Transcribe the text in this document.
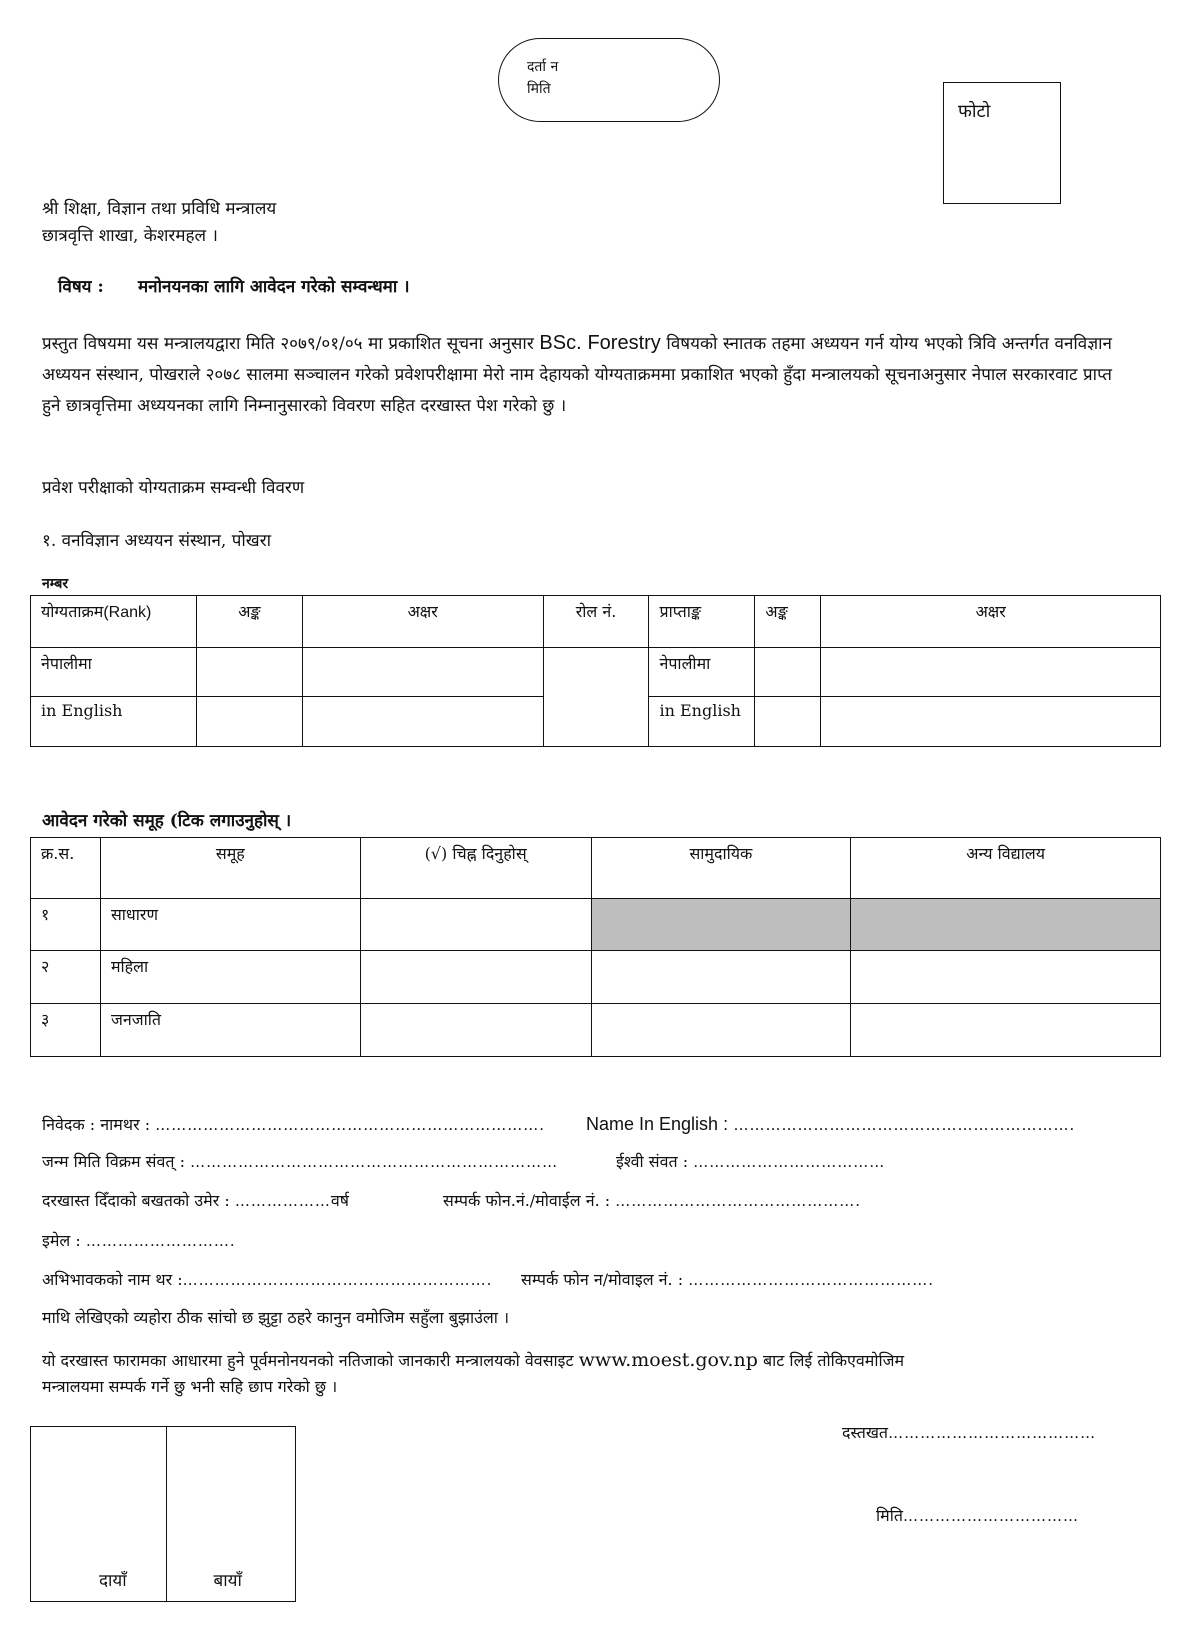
दर्ता न
मिति
फोटो
श्री शिक्षा, विज्ञान तथा प्रविधि मन्त्रालय
छात्रवृत्ति शाखा, केशरमहल ।
विषय : मनोनयनका लागि आवेदन गरेको सम्वन्धमा ।
प्रस्तुत विषयमा यस मन्त्रालयद्वारा मिति २०७९/०१/०५ मा प्रकाशित सूचना अनुसार BSc. Forestry विषयको स्नातक तहमा अध्ययन गर्न योग्य भएको त्रिवि अन्तर्गत वनविज्ञान अध्ययन संस्थान, पोखराले २०७८ सालमा सञ्चालन गरेको प्रवेशपरीक्षामा मेरो नाम देहायको योग्यताक्रममा प्रकाशित भएको हुँदा मन्त्रालयको सूचनाअनुसार नेपाल सरकारवाट प्राप्त हुने छात्रवृत्तिमा अध्ययनका लागि निम्नानुसारको विवरण सहित दरखास्त पेश गरेको छु ।
प्रवेश परीक्षाको योग्यताक्रम सम्वन्धी विवरण
१. वनविज्ञान अध्ययन संस्थान, पोखरा
नम्बर
योग्यताक्रम(Rank)	अङ्क	अक्षर	रोल नं.	प्राप्ताङ्क	अङ्क	अक्षर
नेपालीमा				नेपालीमा		
in English				in English		
आवेदन गरेको समूह (टिक लगाउनुहोस् ।
क्र.स.	समूह	(√) चिह्न दिनुहोस्	सामुदायिक	अन्य विद्यालय
१	साधारण			
२	महिला			
३	जनजाति			
निवेदक : नामथर : ………………………………………………………………. Name In English : ……………………………………………………….
जन्म मिति विक्रम संवत् : ……………………………………………………………	ईश्वी संवत : ………………………………
दरखास्त दिँदाको बखतको उमेर : ………………वर्ष	सम्पर्क फोन.नं./मोवाईल नं. : ……………………………………….
इमेल : ……………………….
अभिभावकको नाम थर :…………………………………………………. सम्पर्क फोन न/मोवाइल नं. : ……………………………………….
माथि लेखिएको व्यहोरा ठीक सांचो छ झुट्टा ठहरे कानुन वमोजिम सहुँला बुझाउंला ।
यो दरखास्त फारामका आधारमा हुने पूर्वमनोनयनको नतिजाको जानकारी मन्त्रालयको वेवसाइट www.moest.gov.np बाट लिई तोकिएवमोजिम
मन्त्रालयमा सम्पर्क गर्ने छु भनी सहि छाप गरेको छु ।
दायाँ	बायाँ
दस्तखत…………………………………
मिति……………………………
